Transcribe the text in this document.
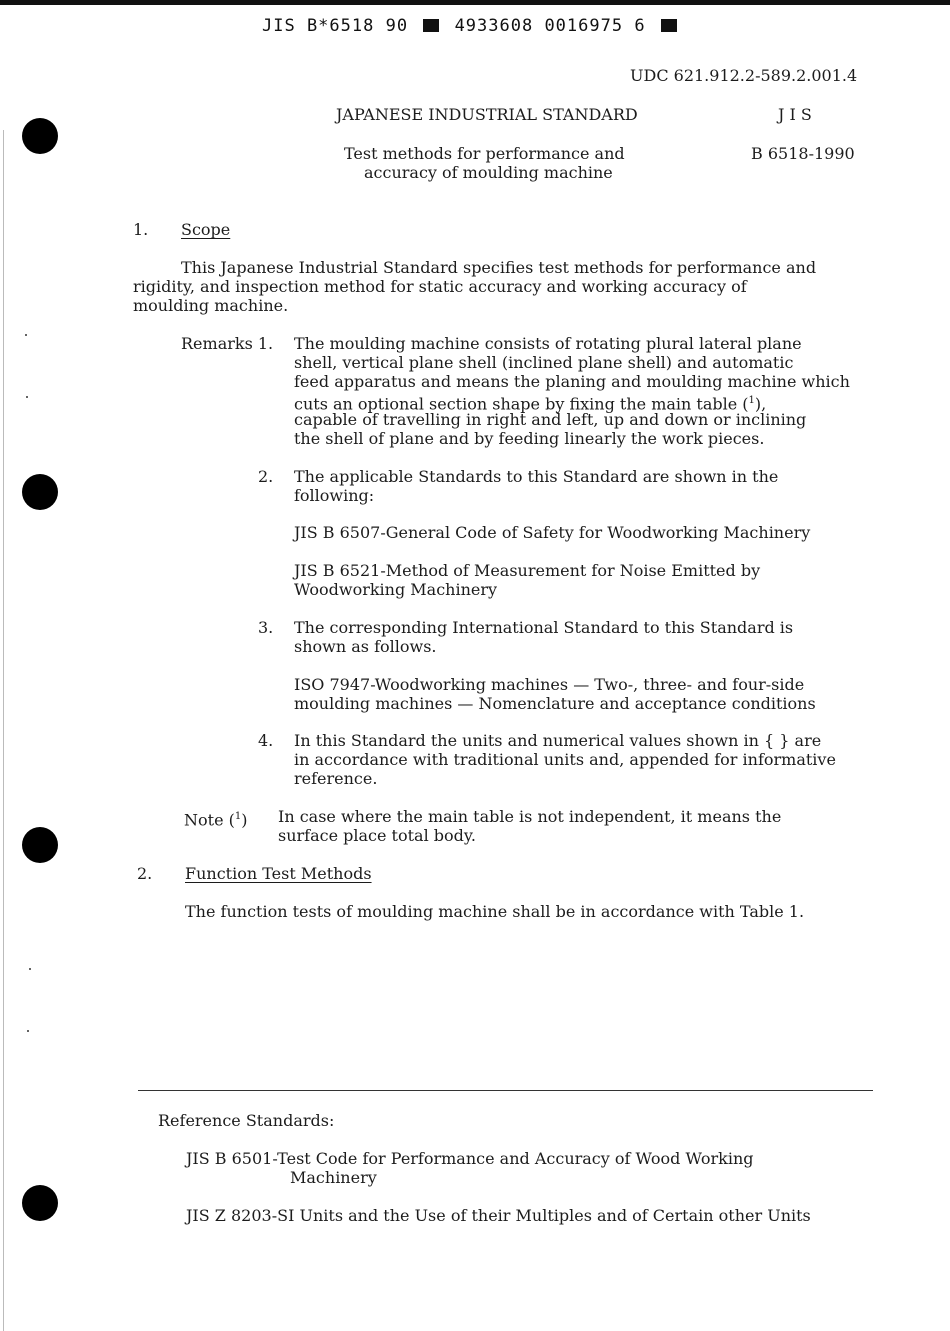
JIS B*6518 90	4933608 0016975 6
UDC 621.912.2-589.2.001.4
JAPANESE INDUSTRIAL STANDARD	J I S
Test methods for performance and
accuracy of moulding machine
B 6518-1990
1. Scope
This Japanese Industrial Standard specifies test methods for performance and
rigidity, and inspection method for static accuracy and working accuracy of
moulding machine.
Remarks 1. The moulding machine consists of rotating plural lateral plane
shell, vertical plane shell (inclined plane shell) and automatic
feed apparatus and means the planing and moulding machine which
cuts an optional section shape by fixing the main table ($^1$),
capable of travelling in right and left, up and down or inclining
the shell of plane and by feeding linearly the work pieces.
2. The applicable Standards to this Standard are shown in the
following:
JIS B 6507-General Code of Safety for Woodworking Machinery
JIS B 6521-Method of Measurement for Noise Emitted by
Woodworking Machinery
3. The corresponding International Standard to this Standard is
shown as follows.
ISO 7947-Woodworking machines — Two-, three- and four-side
moulding machines — Nomenclature and acceptance conditions
4. In this Standard the units and numerical values shown in { } are
in accordance with traditional units and, appended for informative
reference.
Note ($^1$) In case where the main table is not independent, it means the
surface place total body.
2. Function Test Methods
The function tests of moulding machine shall be in accordance with Table 1.
Reference Standards:
JIS B 6501-Test Code for Performance and Accuracy of Wood Working
Machinery
JIS Z 8203-SI Units and the Use of their Multiples and of Certain other Units
